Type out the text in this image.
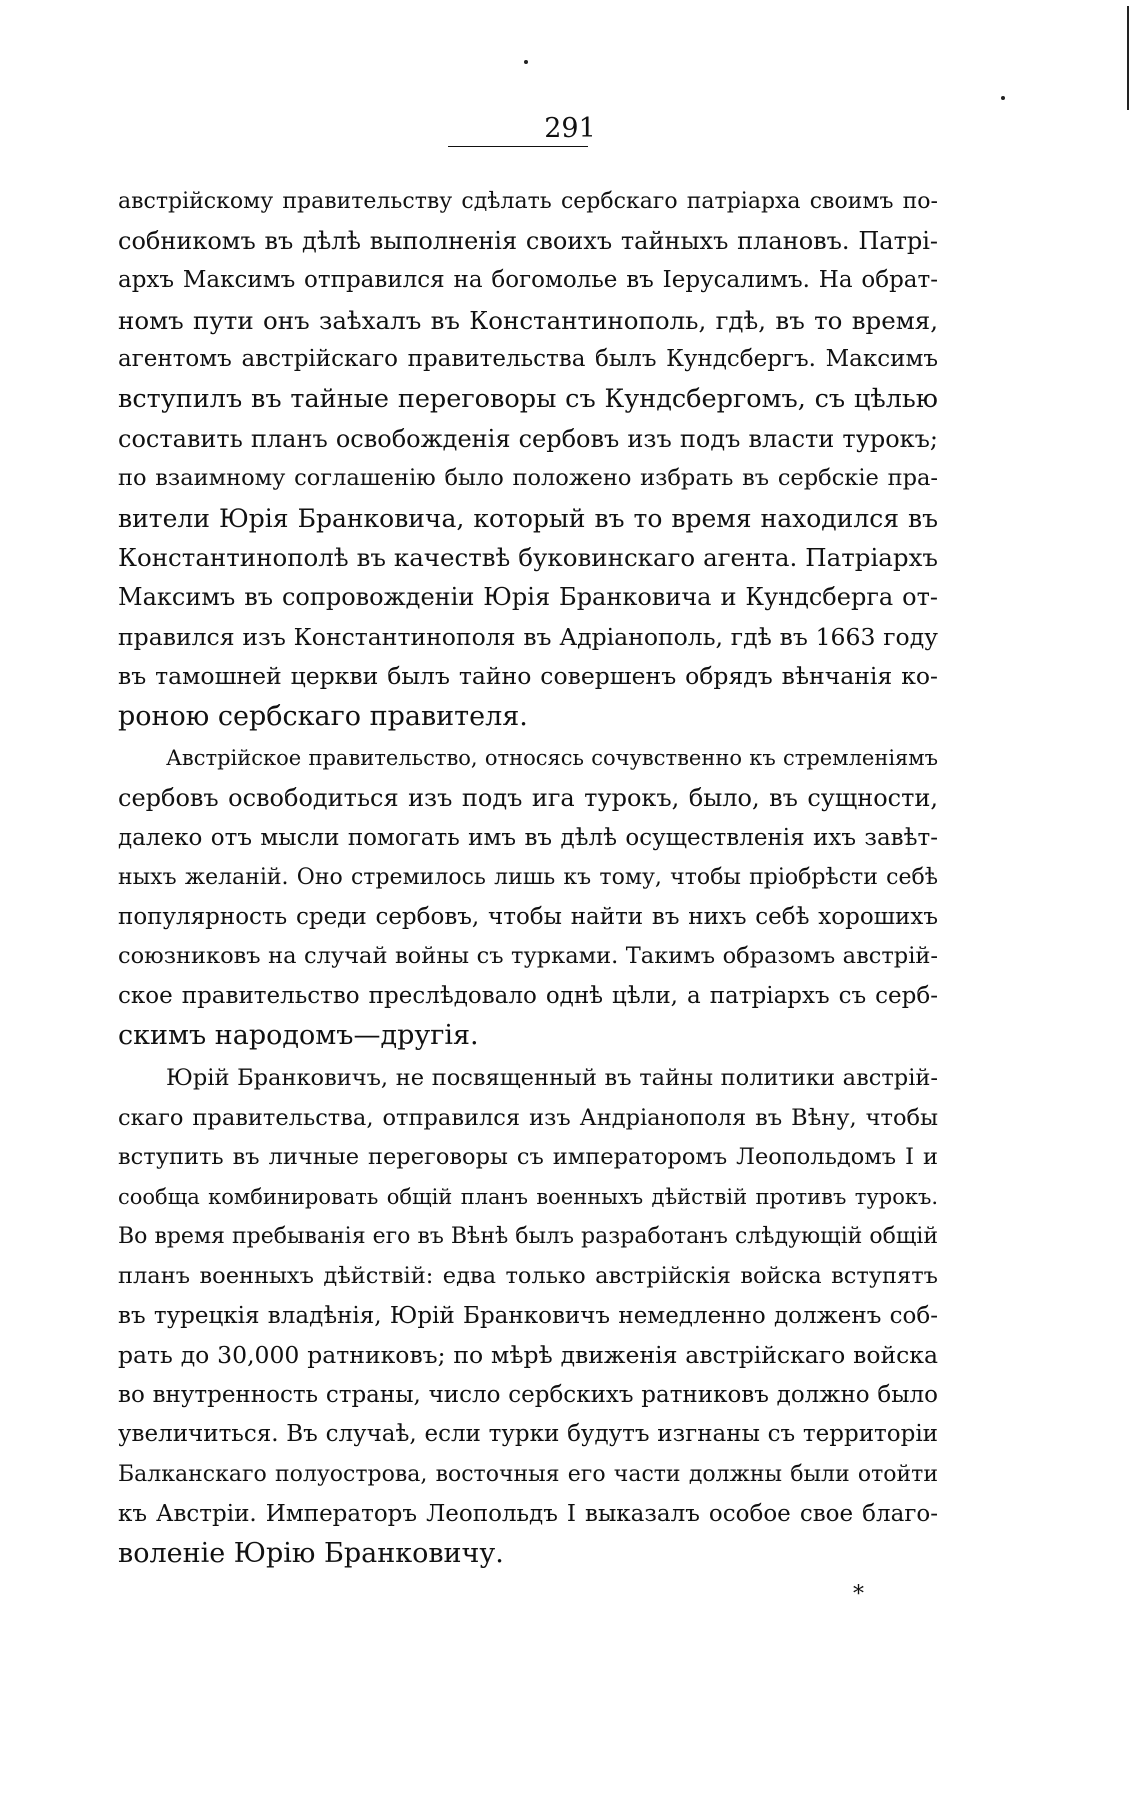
291
австрійскому правительству сдѣлать сербскаго патріарха своимъ по-
собникомъ въ дѣлѣ выполненія своихъ тайныхъ плановъ. Патрі-
архъ Максимъ отправился на богомолье въ Іерусалимъ. На обрат-
номъ пути онъ заѣхалъ въ Константинополь, гдѣ, въ то время,
агентомъ австрійскаго правительства былъ Кундсбергъ. Максимъ
вступилъ въ тайные переговоры съ Кундсбергомъ, съ цѣлью
составить планъ освобожденія сербовъ изъ подъ власти турокъ;
по взаимному соглашенію было положено избрать въ сербскіе пра-
вители Юрія Бранковича, который въ то время находился въ
Константинополѣ въ качествѣ буковинскаго агента. Патріархъ
Максимъ въ сопровожденіи Юрія Бранковича и Кундсберга от-
правился изъ Константинополя въ Адріанополь, гдѣ въ 1663 году
въ тамошней церкви былъ тайно совершенъ обрядъ вѣнчанія ко-
роною сербскаго правителя.
Австрійское правительство, относясь сочувственно къ стремленіямъ
сербовъ освободиться изъ подъ ига турокъ, было, въ сущности,
далеко отъ мысли помогать имъ въ дѣлѣ осуществленія ихъ завѣт-
ныхъ желаній. Оно стремилось лишь къ тому, чтобы пріобрѣсти себѣ
популярность среди сербовъ, чтобы найти въ нихъ себѣ хорошихъ
союзниковъ на случай войны съ турками. Такимъ образомъ австрій-
ское правительство преслѣдовало однѣ цѣли, а патріархъ съ серб-
скимъ народомъ—другія.
Юрій Бранковичъ, не посвященный въ тайны политики австрій-
скаго правительства, отправился изъ Андріанополя въ Вѣну, чтобы
вступить въ личные переговоры съ императоромъ Леопольдомъ I и
сообща комбинировать общій планъ военныхъ дѣйствій противъ турокъ.
Во время пребыванія его въ Вѣнѣ былъ разработанъ слѣдующій общій
планъ военныхъ дѣйствій: едва только австрійскія войска вступятъ
въ турецкія владѣнія, Юрій Бранковичъ немедленно долженъ соб-
рать до 30,000 ратниковъ; по мѣрѣ движенія австрійскаго войска
во внутренность страны, число сербскихъ ратниковъ должно было
увеличиться. Въ случаѣ, если турки будутъ изгнаны съ территоріи
Балканскаго полуострова, восточныя его части должны были отойти
къ Австріи. Императоръ Леопольдъ I выказалъ особое свое благо-
воленіе Юрію Бранковичу.
*
